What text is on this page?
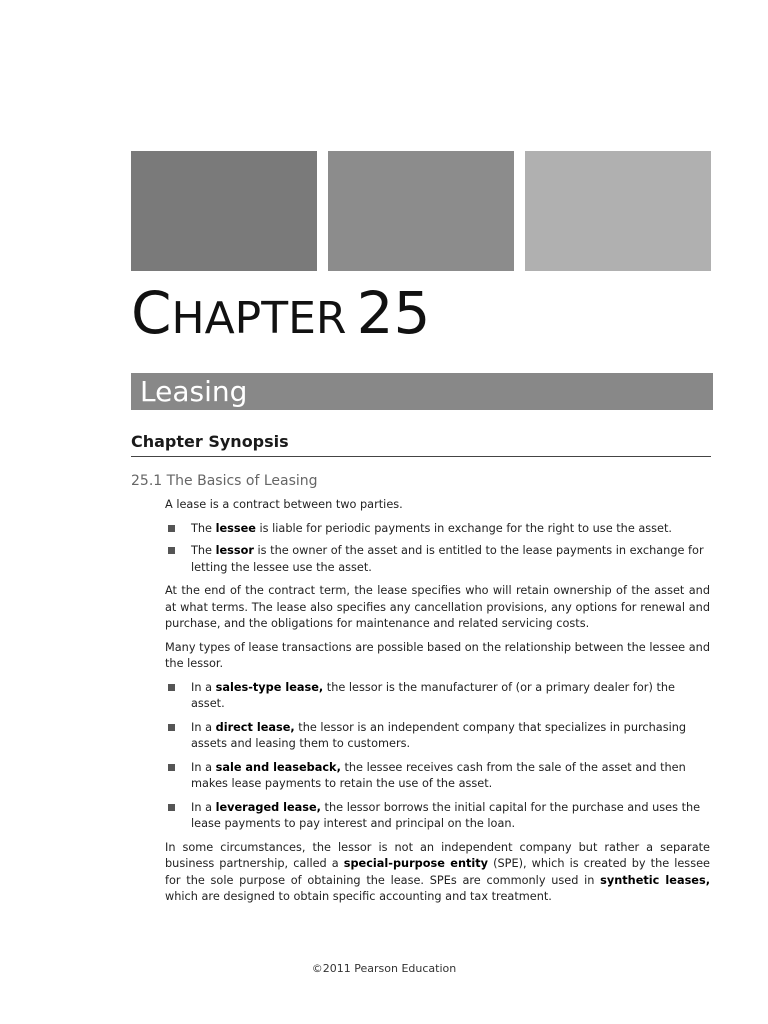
CHAPTER 25
Leasing
Chapter Synopsis
25.1 The Basics of Leasing

A lease is a contract between two parties.

The lessee is liable for periodic payments in exchange for the right to use the asset.
The lessor is the owner of the asset and is entitled to the lease payments in exchange for letting the lessee use the asset.

At the end of the contract term, the lease specifies who will retain ownership of the asset and at what terms. The lease also specifies any cancellation provisions, any options for renewal and purchase, and the obligations for maintenance and related servicing costs.

Many types of lease transactions are possible based on the relationship between the lessee and the lessor.

In a sales-type lease, the lessor is the manufacturer of (or a primary dealer for) the asset.
In a direct lease, the lessor is an independent company that specializes in purchasing assets and leasing them to customers.
In a sale and leaseback, the lessee receives cash from the sale of the asset and then makes lease payments to retain the use of the asset.
In a leveraged lease, the lessor borrows the initial capital for the purchase and uses the lease payments to pay interest and principal on the loan.

In some circumstances, the lessor is not an independent company but rather a separate business partnership, called a special-purpose entity (SPE), which is created by the lessee for the sole purpose of obtaining the lease. SPEs are commonly used in synthetic leases, which are designed to obtain specific accounting and tax treatment.

©2011 Pearson Education
